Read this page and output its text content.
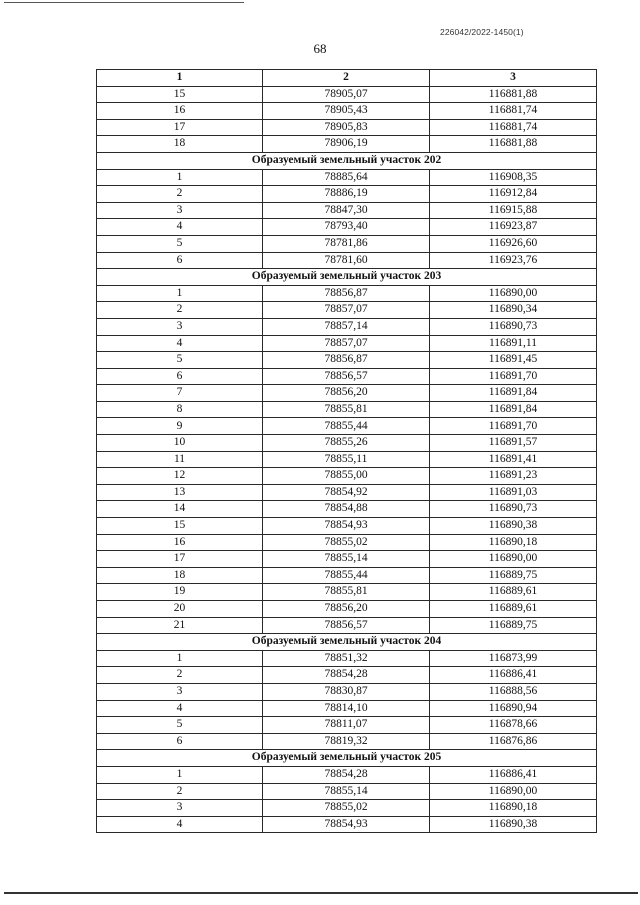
226042/2022-1450(1)
68
1	2	3
15	78905,07	116881,88
16	78905,43	116881,74
17	78905,83	116881,74
18	78906,19	116881,88
Образуемый земельный участок 202		
1	78885,64	116908,35
2	78886,19	116912,84
3	78847,30	116915,88
4	78793,40	116923,87
5	78781,86	116926,60
6	78781,60	116923,76
Образуемый земельный участок 203		
1	78856,87	116890,00
2	78857,07	116890,34
3	78857,14	116890,73
4	78857,07	116891,11
5	78856,87	116891,45
6	78856,57	116891,70
7	78856,20	116891,84
8	78855,81	116891,84
9	78855,44	116891,70
10	78855,26	116891,57
11	78855,11	116891,41
12	78855,00	116891,23
13	78854,92	116891,03
14	78854,88	116890,73
15	78854,93	116890,38
16	78855,02	116890,18
17	78855,14	116890,00
18	78855,44	116889,75
19	78855,81	116889,61
20	78856,20	116889,61
21	78856,57	116889,75
Образуемый земельный участок 204		
1	78851,32	116873,99
2	78854,28	116886,41
3	78830,87	116888,56
4	78814,10	116890,94
5	78811,07	116878,66
6	78819,32	116876,86
Образуемый земельный участок 205		
1	78854,28	116886,41
2	78855,14	116890,00
3	78855,02	116890,18
4	78854,93	116890,38
